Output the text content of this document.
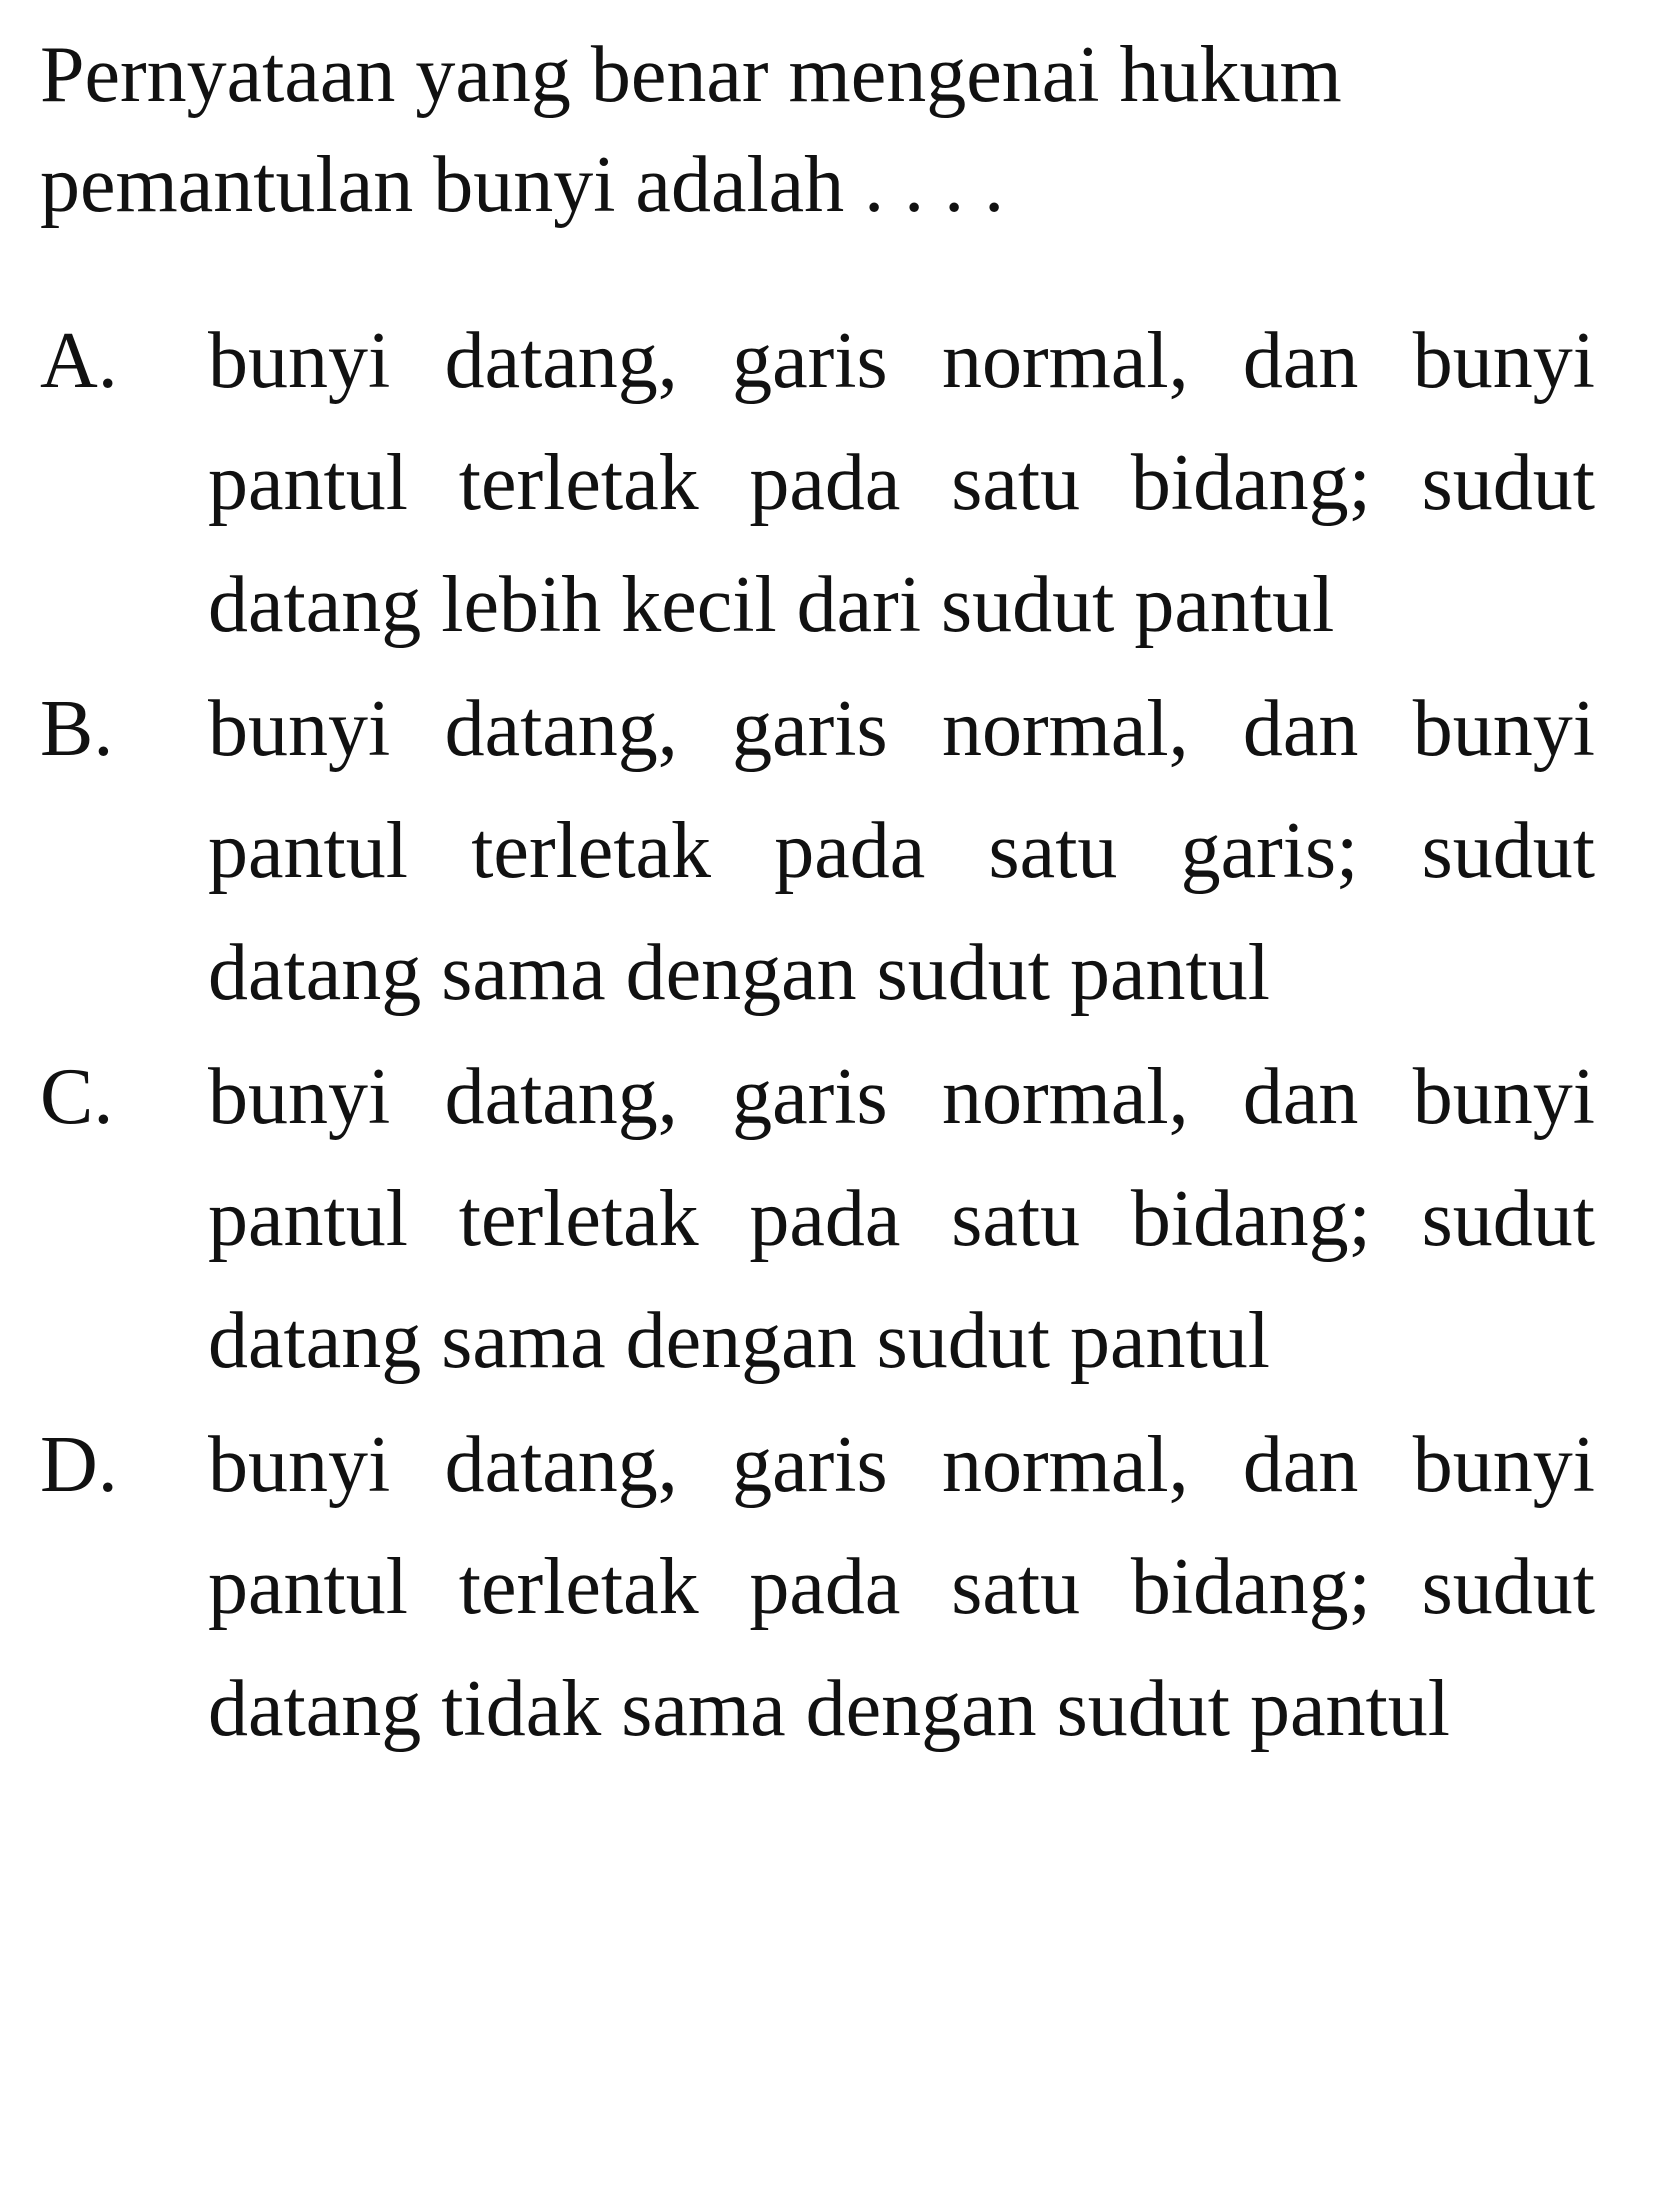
Pernyataan yang benar mengenai hukum pemantulan bunyi adalah . . . .
A.	bunyi datang, garis normal, dan bunyi pantul terletak pada satu bidang; sudut datang lebih kecil dari sudut pantul
B.	bunyi datang, garis normal, dan bunyi pantul terletak pada satu garis; sudut datang sama dengan sudut pantul
C.	bunyi datang, garis normal, dan bunyi pantul terletak pada satu bidang; sudut datang sama dengan sudut pantul
D.	bunyi datang, garis normal, dan bunyi pantul terletak pada satu bidang; sudut datang tidak sama dengan sudut pantul
